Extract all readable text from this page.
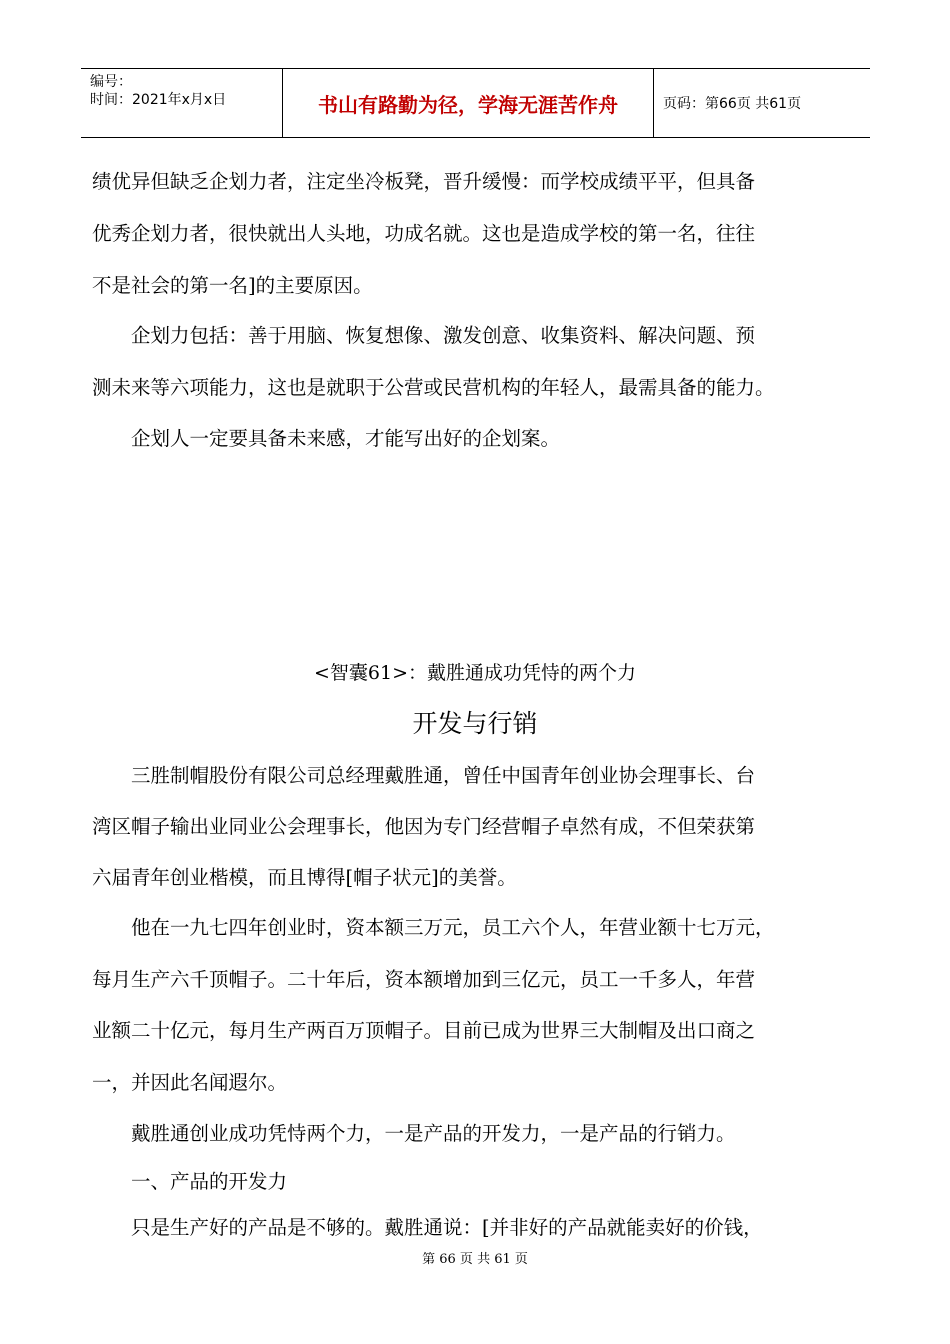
编号：
时间：2021年x月x日	书山有路勤为径，学海无涯苦作舟	页码：第66页 共61页
绩优异但缺乏企划力者，注定坐冷板凳，晋升缓慢：而学校成绩平平，但具备
优秀企划力者，很快就出人头地，功成名就。这也是造成学校的第一名，往往
不是社会的第一名]的主要原因。
　　企划力包括：善于用脑、恢复想像、激发创意、收集资料、解决问题、预
测未来等六项能力，这也是就职于公营或民营机构的年轻人，最需具备的能力。
　　企划人一定要具备未来感，才能写出好的企划案。
<智囊61>：戴胜通成功凭恃的两个力
开发与行销
　　三胜制帽股份有限公司总经理戴胜通，曾任中国青年创业协会理事长、台
湾区帽子输出业同业公会理事长，他因为专门经营帽子卓然有成，不但荣获第
六届青年创业楷模，而且博得[帽子状元]的美誉。
　　他在一九七四年创业时，资本额三万元，员工六个人，年营业额十七万元，
每月生产六千顶帽子。二十年后，资本额增加到三亿元，员工一千多人，年营
业额二十亿元，每月生产两百万顶帽子。目前已成为世界三大制帽及出口商之
一，并因此名闻遐尔。
　　戴胜通创业成功凭恃两个力，一是产品的开发力，一是产品的行销力。
　　一、产品的开发力
　　只是生产好的产品是不够的。戴胜通说：[并非好的产品就能卖好的价钱，
第 66 页 共 61 页
